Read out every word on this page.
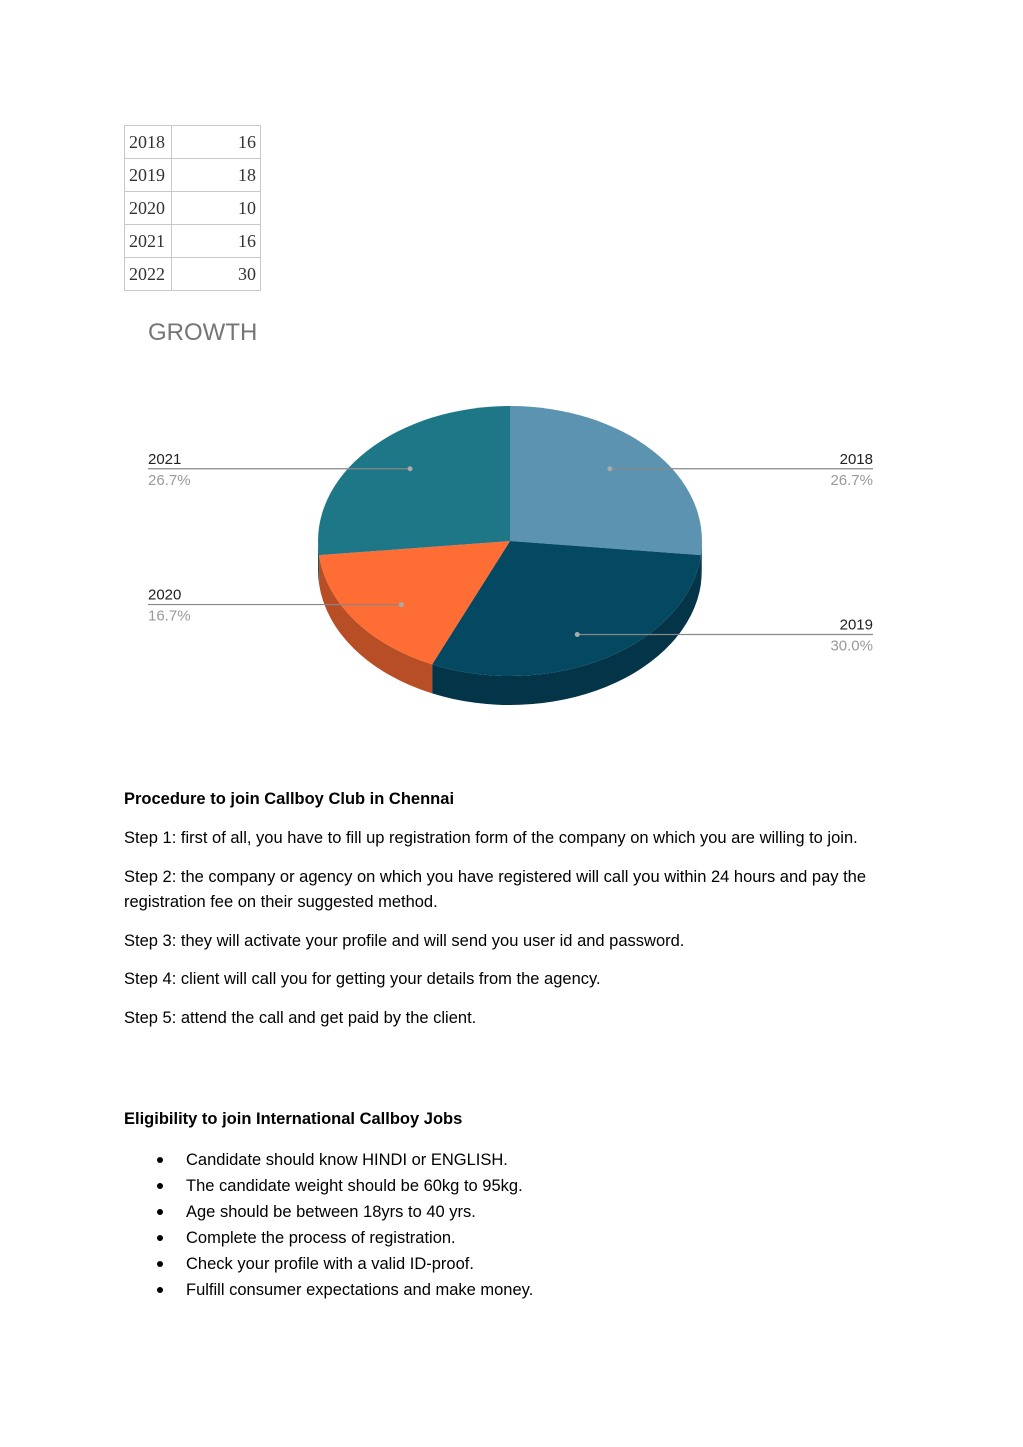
2018	16
2019	18
2020	10
2021	16
2022	30
GROWTH
2018
26.7%
2019
30.0%
2020
16.7%
2021
26.7%

Procedure to join Callboy Club in Chennai

Step 1: first of all, you have to fill up registration form of the company on which you are willing to join.

Step 2: the company or agency on which you have registered will call you within 24 hours and pay the registration fee on their suggested method.

Step 3: they will activate your profile and will send you user id and password.

Step 4: client will call you for getting your details from the agency.

Step 5: attend the call and get paid by the client.

Eligibility to join International Callboy Jobs

Candidate should know HINDI or ENGLISH.
The candidate weight should be 60kg to 95kg.
Age should be between 18yrs to 40 yrs.
Complete the process of registration.
Check your profile with a valid ID-proof.
Fulfill consumer expectations and make money.
